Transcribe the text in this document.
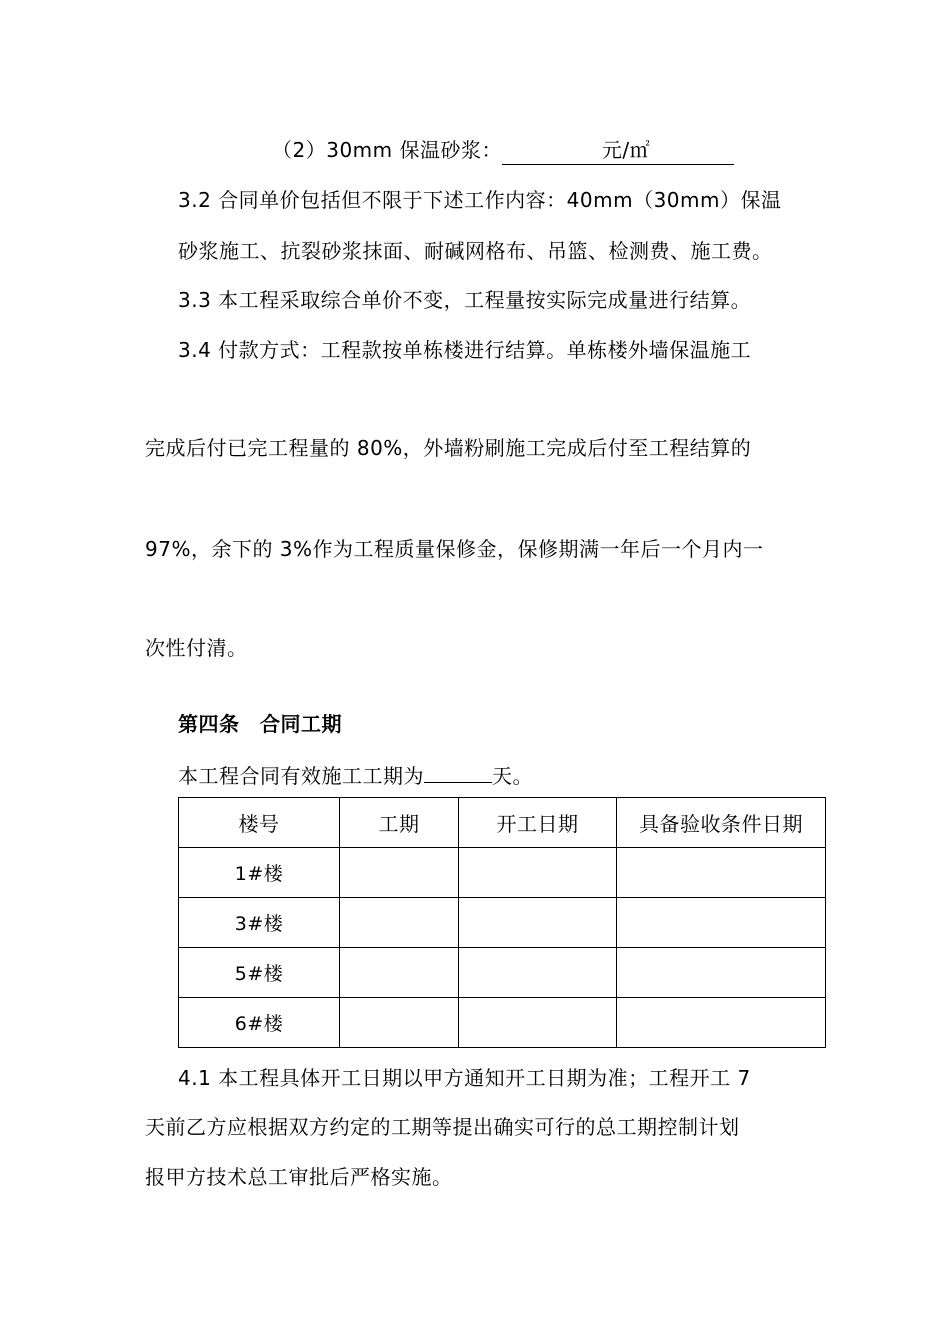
（2）30mm 保温砂浆：	元/㎡
3.2 合同单价包括但不限于下述工作内容：40mm（30mm）保温
砂浆施工、抗裂砂浆抹面、耐碱网格布、吊篮、检测费、施工费。
3.3 本工程采取综合单价不变，工程量按实际完成量进行结算。
3.4 付款方式：工程款按单栋楼进行结算。单栋楼外墙保温施工
完成后付已完工程量的 80%，外墙粉刷施工完成后付至工程结算的
97%，余下的 3%作为工程质量保修金，保修期满一年后一个月内一
次性付清。
第四条　合同工期
本工程合同有效施工工期为	天。
楼号	工期	开工日期	具备验收条件日期
1#楼			
3#楼			
5#楼			
6#楼			
4.1 本工程具体开工日期以甲方通知开工日期为准；工程开工 7
天前乙方应根据双方约定的工期等提出确实可行的总工期控制计划
报甲方技术总工审批后严格实施。
